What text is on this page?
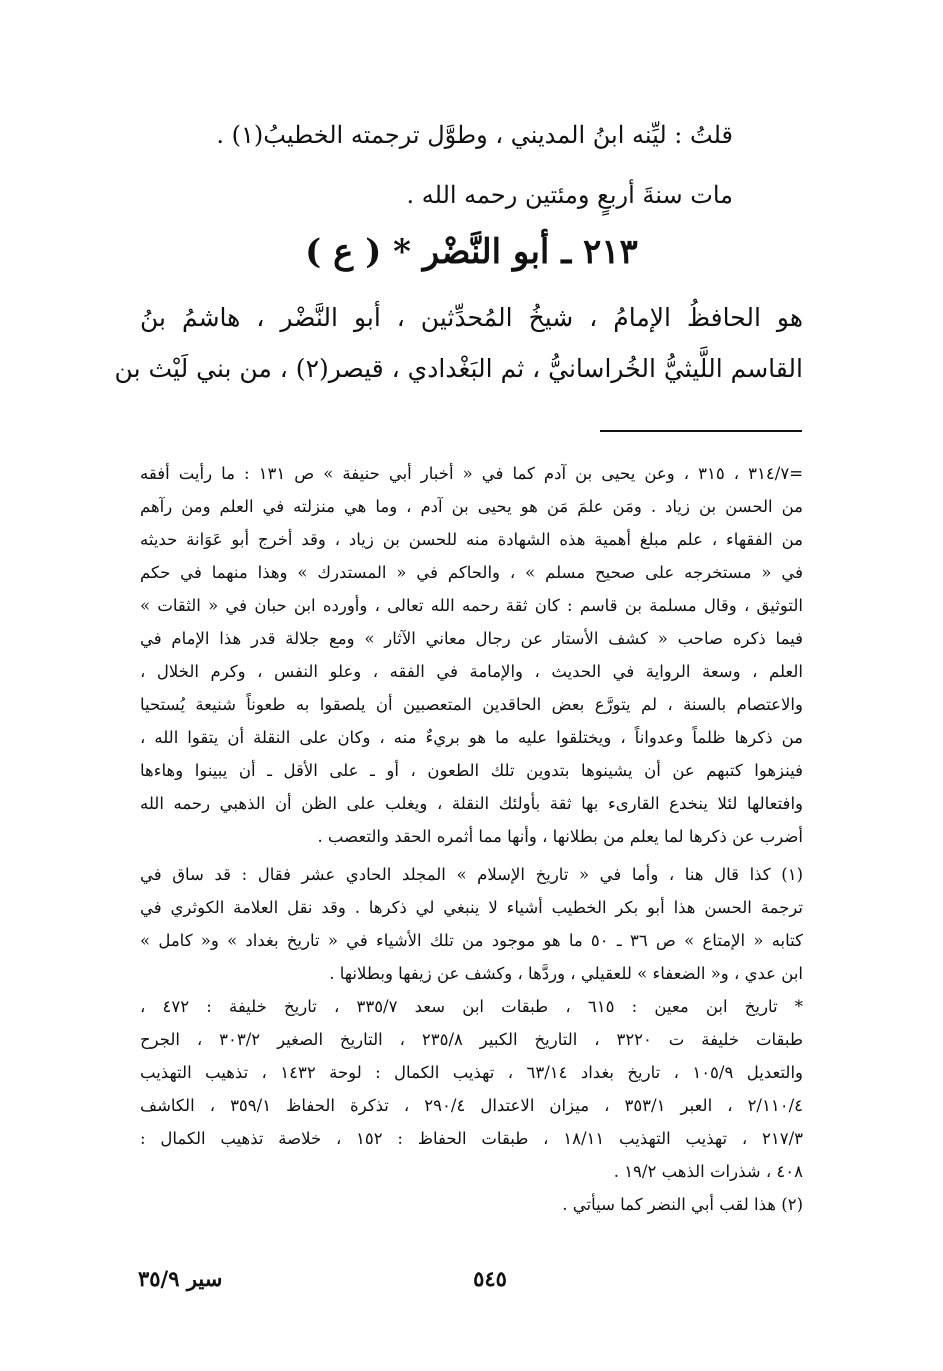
قلتُ : ليِّنه ابنُ المديني ، وطوَّل ترجمته الخطيبُ(١) .
مات سنةَ أربعٍ ومئتين رحمه الله .
٢١٣ ـ أبو النَّضْر * ( ع )
هو الحافظُ الإمامُ ، شيخُ المُحدِّثين ، أبو النَّضْر ، هاشمُ بنُ
القاسم اللَّيثيُّ الخُراسانيُّ ، ثم البَغْدادي ، قيصر(٢) ، من بني لَيْث بن
=٣١٤/٧ ، ٣١٥ ، وعن يحيى بن آدم كما في « أخبار أبي حنيفة » ص ١٣١ : ما رأيت أفقه
من الحسن بن زياد . ومَن علمَ مَن هو يحيى بن آدم ، وما هي منزلته في العلم ومن رآهم
من الفقهاء ، علم مبلغ أهمية هذه الشهادة منه للحسن بن زياد ، وقد أخرج أبو عَوَانة حديثه
في « مستخرجه على صحيح مسلم » ، والحاكم في « المستدرك » وهذا منهما في حكم
التوثيق ، وقال مسلمة بن قاسم : كان ثقة رحمه الله تعالى ، وأورده ابن حبان في « الثقات »
فيما ذكره صاحب « كشف الأستار عن رجال معاني الآثار » ومع جلالة قدر هذا الإمام في
العلم ، وسعة الرواية في الحديث ، والإمامة في الفقه ، وعلو النفس ، وكرم الخلال ،
والاعتصام بالسنة ، لم يتورَّع بعض الحاقدين المتعصبين أن يلصقوا به طعوناً شنيعة يُستحيا
من ذكرها ظلماً وعدواناً ، ويختلقوا عليه ما هو بريءٌ منه ، وكان على النقلة أن يتقوا الله ،
فينزهوا كتبهم عن أن يشينوها بتدوين تلك الطعون ، أو ـ على الأقل ـ أن يبينوا وهاءها
وافتعالها لئلا ينخدع القارىء بها ثقة بأولئك النقلة ، ويغلب على الظن أن الذهبي رحمه الله
أضرب عن ذكرها لما يعلم من بطلانها ، وأنها مما أثمره الحقد والتعصب .
(١) كذا قال هنا ، وأما في « تاريخ الإسلام » المجلد الحادي عشر فقال : قد ساق في
ترجمة الحسن هذا أبو بكر الخطيب أشياء لا ينبغي لي ذكرها . وقد نقل العلامة الكوثري في
كتابه « الإمتاع » ص ٣٦ ـ ٥٠ ما هو موجود من تلك الأشياء في « تاريخ بغداد » و« كامل »
ابن عدي ، و« الضعفاء » للعقيلي ، وردَّها ، وكشف عن زيفها وبطلانها .
* تاريخ ابن معين : ٦١٥ ، طبقات ابن سعد ٣٣٥/٧ ، تاريخ خليفة : ٤٧٢ ،
طبقات خليفة ت ٣٢٢٠ ، التاريخ الكبير ٢٣٥/٨ ، التاريخ الصغير ٣٠٣/٢ ، الجرح
والتعديل ١٠٥/٩ ، تاريخ بغداد ٦٣/١٤ ، تهذيب الكمال : لوحة ١٤٣٢ ، تذهيب التهذيب
٢/١١٠/٤ ، العبر ٣٥٣/١ ، ميزان الاعتدال ٢٩٠/٤ ، تذكرة الحفاظ ٣٥٩/١ ، الكاشف
٢١٧/٣ ، تهذيب التهذيب ١٨/١١ ، طبقات الحفاظ : ١٥٢ ، خلاصة تذهيب الكمال :
٤٠٨ ، شذرات الذهب ١٩/٢ .
(٢) هذا لقب أبي النضر كما سيأتي .
سير ٣٥/٩	٥٤٥
